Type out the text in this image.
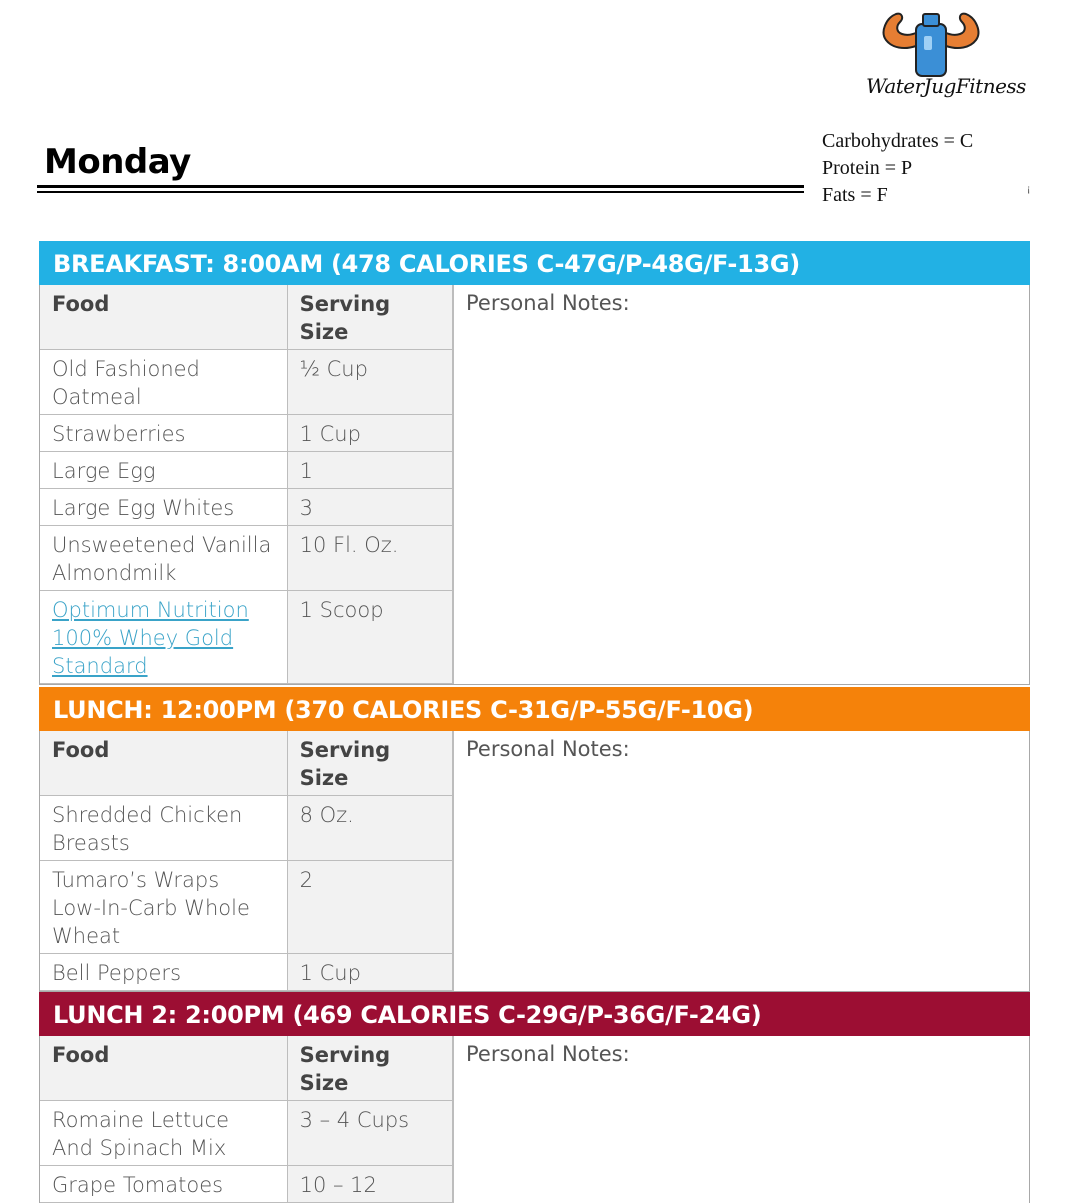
WaterJugFitness
Carbohydrates = C
Protein = P
Fats = F	¡
Monday
BREAKFAST: 8:00AM (478 CALORIES C-47G/P-48G/F-13G)
Food	Serving Size
Old Fashioned Oatmeal	½ Cup
Strawberries	1 Cup
Large Egg	1
Large Egg Whites	3
Unsweetened Vanilla Almondmilk	10 Fl. Oz.
Optimum Nutrition 100% Whey Gold Standard	1 Scoop
Personal Notes:
LUNCH: 12:00PM (370 CALORIES C-31G/P-55G/F-10G)
Food	Serving Size
Shredded Chicken Breasts	8 Oz.
Tumaro’s Wraps Low-In-Carb Whole Wheat	2
Bell Peppers	1 Cup
Personal Notes:
LUNCH 2: 2:00PM (469 CALORIES C-29G/P-36G/F-24G)
Food	Serving Size
Romaine Lettuce And Spinach Mix	3 – 4 Cups
Grape Tomatoes	10 – 12
Personal Notes:
